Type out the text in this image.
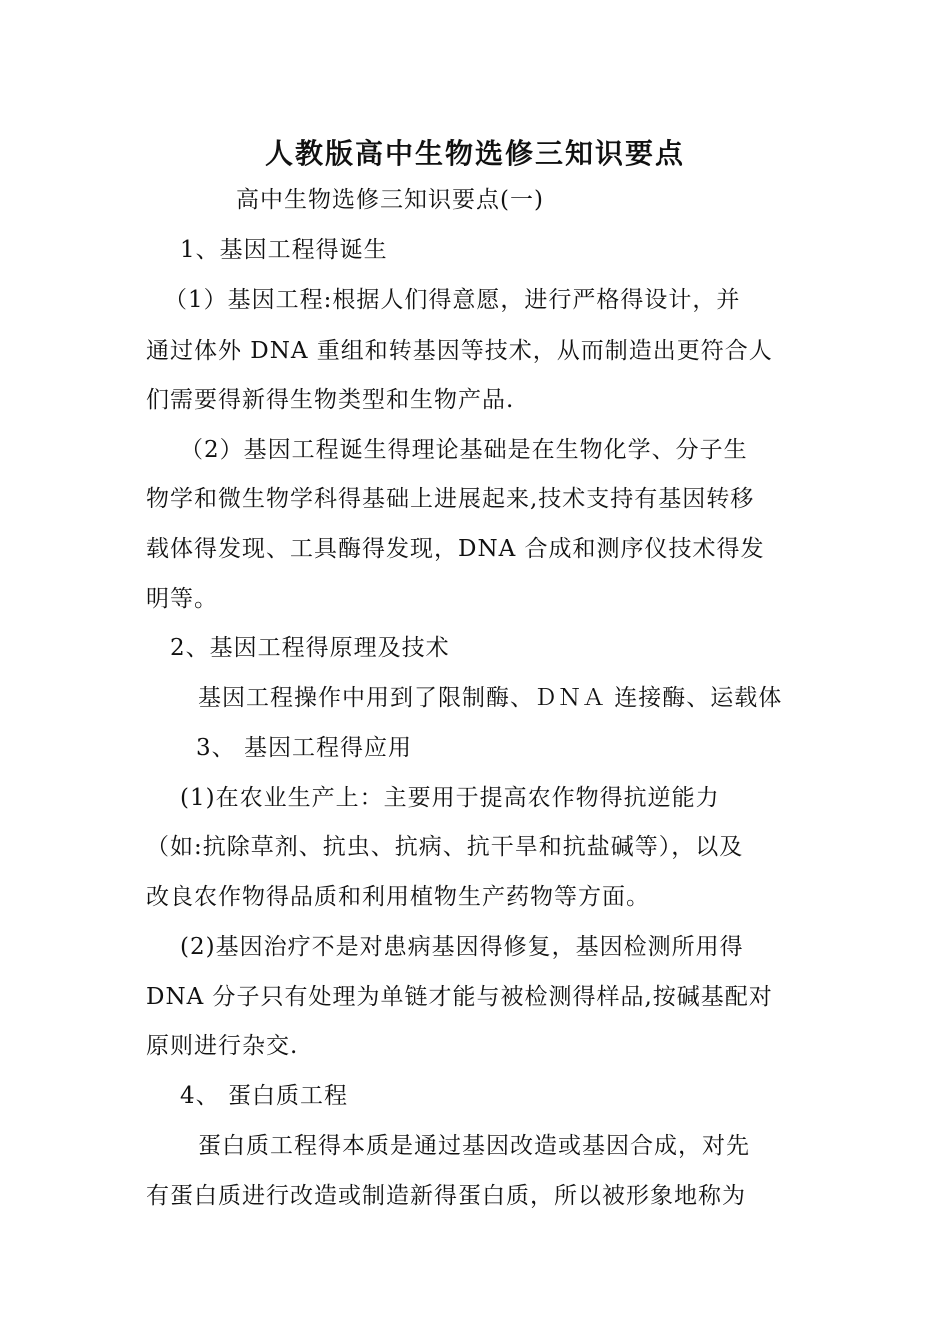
人教版高中生物选修三知识要点
高中生物选修三知识要点(一)
1、基因工程得诞生
（1）基因工程:根据人们得意愿，进行严格得设计，并
通过体外 DNA 重组和转基因等技术，从而制造出更符合人
们需要得新得生物类型和生物产品.
（2）基因工程诞生得理论基础是在生物化学、分子生
物学和微生物学科得基础上进展起来,技术支持有基因转移
载体得发现、工具酶得发现，DNA 合成和测序仪技术得发
明等。
2、基因工程得原理及技术
基因工程操作中用到了限制酶、ＤＮＡ 连接酶、运载体
3、 基因工程得应用
(1)在农业生产上：主要用于提高农作物得抗逆能力
（如:抗除草剂、抗虫、抗病、抗干旱和抗盐碱等），以及
改良农作物得品质和利用植物生产药物等方面。
(2)基因治疗不是对患病基因得修复，基因检测所用得
DNA 分子只有处理为单链才能与被检测得样品,按碱基配对
原则进行杂交.
4、 蛋白质工程
蛋白质工程得本质是通过基因改造或基因合成，对先
有蛋白质进行改造或制造新得蛋白质，所以被形象地称为
